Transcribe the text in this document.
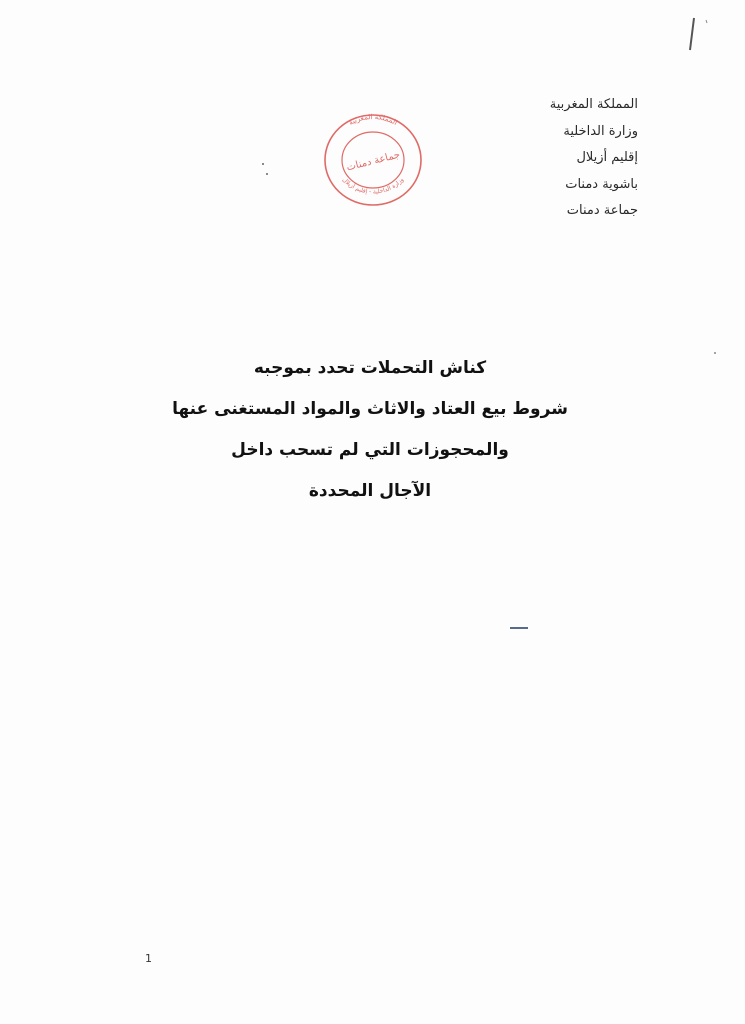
المملكة المغربية
وزارة الداخلية
إقليم أزيلال
باشوية دمنات
جماعة دمنات
المملكة المغربية
وزارة الداخلية - إقليم أزيلال
جماعة دمنات
كناش التحملات تحدد بموجبه
شروط بيع العتاد والاثاث والمواد المستغنى عنها
والمحجوزات التي لم تسحب داخل
الآجال المحددة
1
